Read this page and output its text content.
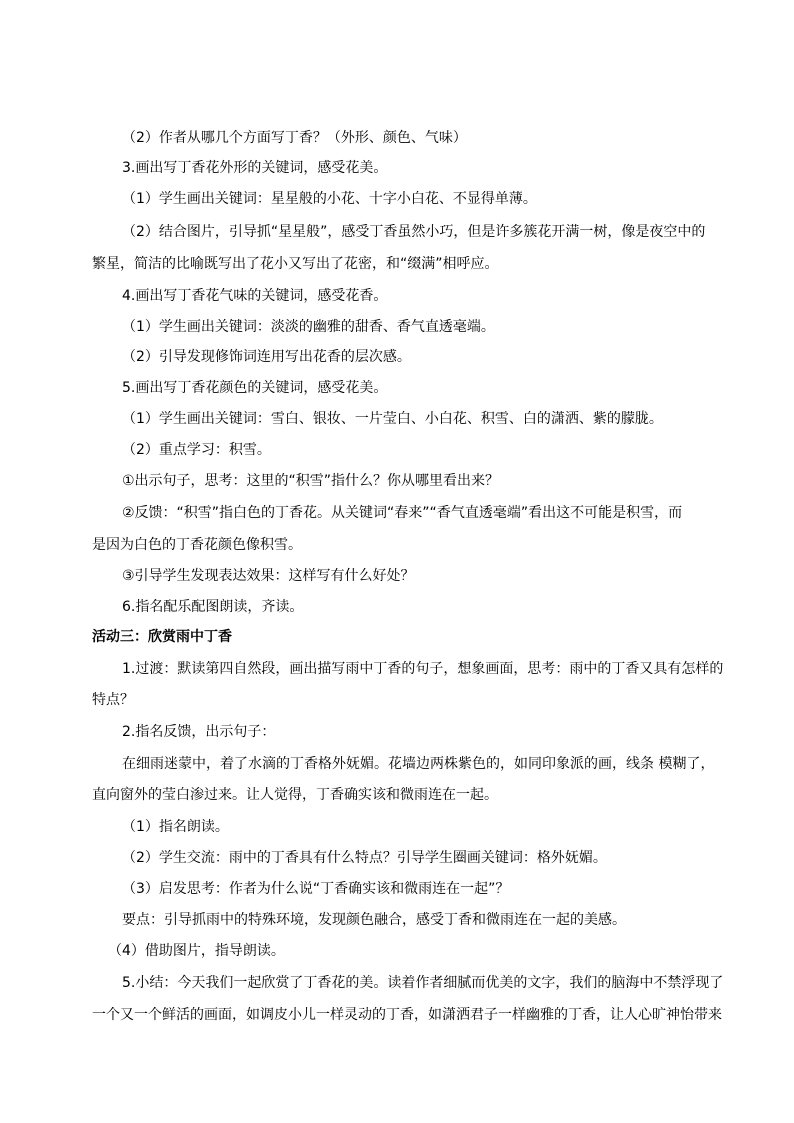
（2）作者从哪几个方面写丁香？（外形、颜色、气味）
3.画出写丁香花外形的关键词，感受花美。
（1）学生画出关键词：星星般的小花、十字小白花、不显得单薄。
（2）结合图片，引导抓“星星般”，感受丁香虽然小巧，但是许多簇花开满一树，像是夜空中的
繁星，简洁的比喻既写出了花小又写出了花密，和“缀满”相呼应。
4.画出写丁香花气味的关键词，感受花香。
（1）学生画出关键词：淡淡的幽雅的甜香、香气直透毫端。
（2）引导发现修饰词连用写出花香的层次感。
5.画出写丁香花颜色的关键词，感受花美。
（1）学生画出关键词：雪白、银妆、一片莹白、小白花、积雪、白的潇洒、紫的朦胧。
（2）重点学习：积雪。
①出示句子，思考：这里的“积雪”指什么？你从哪里看出来？
②反馈：“积雪”指白色的丁香花。从关键词“春来”“香气直透毫端”看出这不可能是积雪，而
是因为白色的丁香花颜色像积雪。
③引导学生发现表达效果：这样写有什么好处？
6.指名配乐配图朗读，齐读。
活动三：欣赏雨中丁香
1.过渡：默读第四自然段，画出描写雨中丁香的句子，想象画面，思考：雨中的丁香又具有怎样的
特点？
2.指名反馈，出示句子：
在细雨迷蒙中，着了水滴的丁香格外妩媚。花墙边两株紫色的，如同印象派的画，线条 模糊了，
直向窗外的莹白渗过来。让人觉得，丁香确实该和微雨连在一起。
（1）指名朗读。
（2）学生交流：雨中的丁香具有什么特点？引导学生圈画关键词：格外妩媚。
（3）启发思考：作者为什么说“丁香确实该和微雨连在一起”？
要点：引导抓雨中的特殊环境，发现颜色融合，感受丁香和微雨连在一起的美感。
（4）借助图片，指导朗读。
5.小结：今天我们一起欣赏了丁香花的美。读着作者细腻而优美的文字，我们的脑海中不禁浮现了
一个又一个鲜活的画面，如调皮小儿一样灵动的丁香，如潇洒君子一样幽雅的丁香，让人心旷神怡带来
